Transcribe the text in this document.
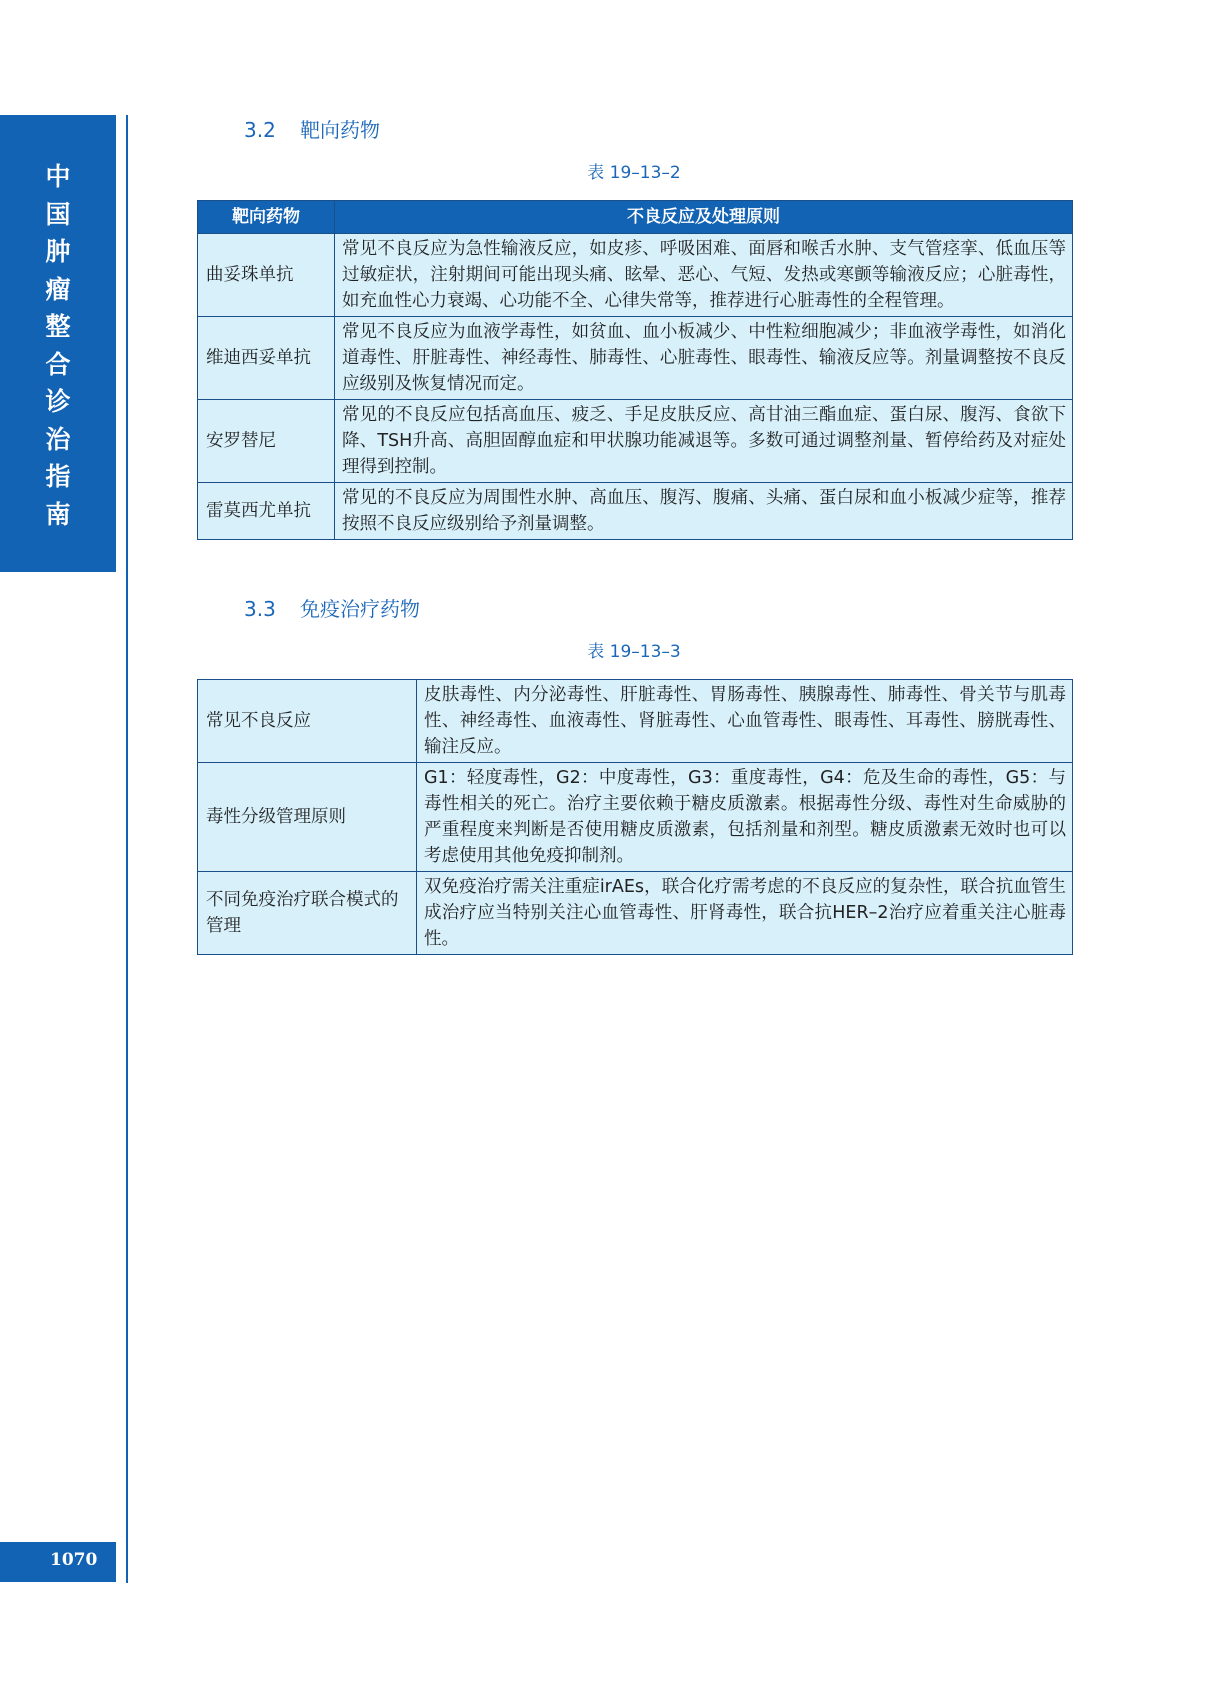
中
国
肿
瘤
整
合
诊
治
指
南
1070
3.2 靶向药物
表 19–13–2
靶向药物	不良反应及处理原则
曲妥珠单抗	常见不良反应为急性输液反应，如皮疹、呼吸困难、面唇和喉舌水肿、支气管痉挛、低血压等过敏症状，注射期间可能出现头痛、眩晕、恶心、气短、发热或寒颤等输液反应；心脏毒性，如充血性心力衰竭、心功能不全、心律失常等，推荐进行心脏毒性的全程管理。
维迪西妥单抗	常见不良反应为血液学毒性，如贫血、血小板减少、中性粒细胞减少；非血液学毒性，如消化道毒性、肝脏毒性、神经毒性、肺毒性、心脏毒性、眼毒性、输液反应等。剂量调整按不良反应级别及恢复情况而定。
安罗替尼	常见的不良反应包括高血压、疲乏、手足皮肤反应、高甘油三酯血症、蛋白尿、腹泻、食欲下降、TSH升高、高胆固醇血症和甲状腺功能减退等。多数可通过调整剂量、暂停给药及对症处理得到控制。
雷莫西尤单抗	常见的不良反应为周围性水肿、高血压、腹泻、腹痛、头痛、蛋白尿和血小板减少症等，推荐按照不良反应级别给予剂量调整。
3.3 免疫治疗药物
表 19–13–3
常见不良反应	皮肤毒性、内分泌毒性、肝脏毒性、胃肠毒性、胰腺毒性、肺毒性、骨关节与肌毒性、神经毒性、血液毒性、肾脏毒性、心血管毒性、眼毒性、耳毒性、膀胱毒性、输注反应。
毒性分级管理原则	G1：轻度毒性，G2：中度毒性，G3：重度毒性，G4：危及生命的毒性，G5：与毒性相关的死亡。治疗主要依赖于糖皮质激素。根据毒性分级、毒性对生命威胁的严重程度来判断是否使用糖皮质激素，包括剂量和剂型。糖皮质激素无效时也可以考虑使用其他免疫抑制剂。
不同免疫治疗联合模式的管理	双免疫治疗需关注重症irAEs，联合化疗需考虑的不良反应的复杂性，联合抗血管生成治疗应当特别关注心血管毒性、肝肾毒性，联合抗HER–2治疗应着重关注心脏毒性。
